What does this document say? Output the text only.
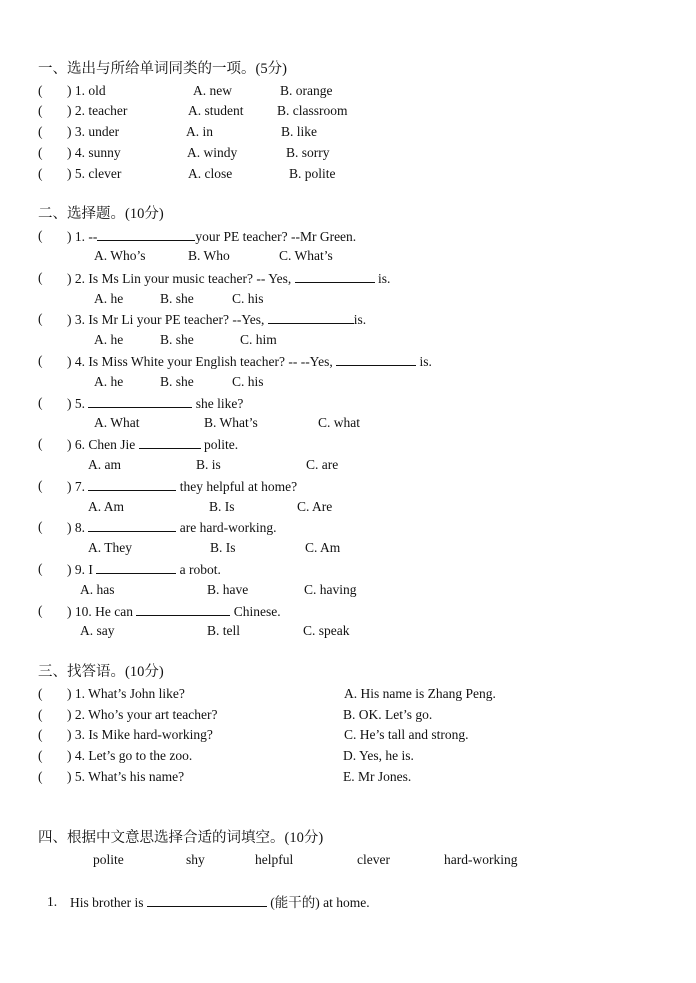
一、选出与所给单词同类的一项。(5分)
( ) 1. old	A. new	B. orange
( ) 2. teacher	A. student B. classroom
( ) 3. under	A. in	B. like
( ) 4. sunny	A. windy	B. sorry
( ) 5. clever	A. close	B. polite
二、选择题。(10分)
( ) 1. --	your PE teacher? --Mr Green.
A. Who’s	B. Who	C. What’s
( ) 2. Is Ms Lin your music teacher? -- Yes,	is.
A. he	B. she	C. his
( ) 3. Is Mr Li your PE teacher? --Yes,	is.
A. he	B. she	C. him
( ) 4. Is Miss White your English teacher? -- --Yes,	is.
A. he	B. she	C. his
( ) 5.	she like?
A. What	B. What’s	C. what
( ) 6. Chen Jie	polite.
A. am	B. is	C. are
( ) 7.	they helpful at home?
A. Am	B. Is	C. Are
( ) 8.	are hard-working.
A. They	B. Is	C. Am
( ) 9. I	a robot.
A. has	B. have	C. having
( ) 10. He can	Chinese.
A. say	B. tell	C. speak
三、找答语。(10分)
( ) 1. What’s John like?	A. His name is Zhang Peng.
( ) 2. Who’s your art teacher?	B. OK. Let’s go.
( ) 3. Is Mike hard-working?	C. He’s tall and strong.
( ) 4. Let’s go to the zoo.	D. Yes, he is.
( ) 5. What’s his name?	E. Mr Jones.
四、根据中文意思选择合适的词填空。(10分)
polite	shy	helpful	clever	hard-working
1. His brother is	(能干的) at home.
